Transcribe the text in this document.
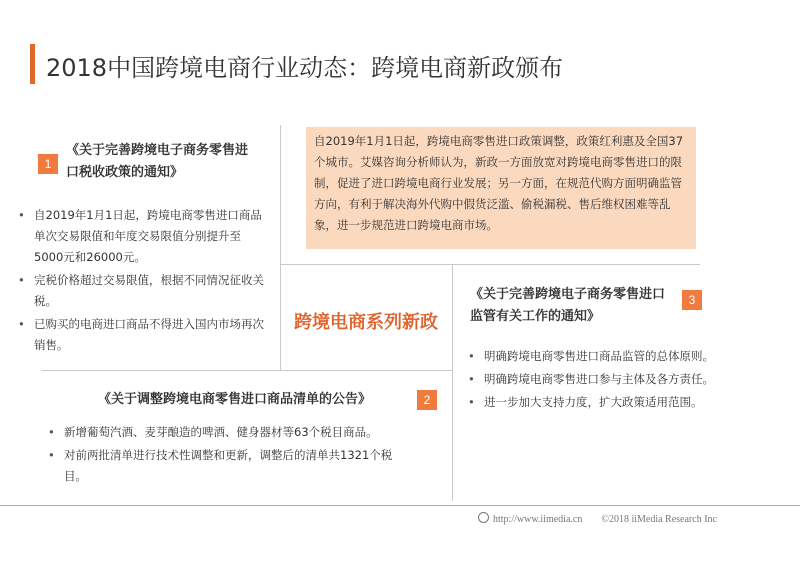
2018中国跨境电商行业动态：跨境电商新政颁布
1
《关于完善跨境电子商务零售进口税收政策的通知》
• 自2019年1月1日起，跨境电商零售进口商品单次交易限值和年度交易限值分别提升至5000元和26000元。
• 完税价格超过交易限值，根据不同情况征收关税。
• 已购买的电商进口商品不得进入国内市场再次销售。
自2019年1月1日起，跨境电商零售进口政策调整，政策红利惠及全国37个城市。艾媒咨询分析师认为，新政一方面放宽对跨境电商零售进口的限制，促进了进口跨境电商行业发展；另一方面，在规范代购方面明确监管方向，有利于解决海外代购中假货泛滥、偷税漏税、售后维权困难等乱象，进一步规范进口跨境电商市场。
跨境电商系列新政
《关于完善跨境电子商务零售进口监管有关工作的通知》
3
• 明确跨境电商零售进口商品监管的总体原则。
• 明确跨境电商零售进口参与主体及各方责任。
• 进一步加大支持力度，扩大政策适用范围。
《关于调整跨境电商零售进口商品清单的公告》	2
• 新增葡萄汽酒、麦芽酿造的啤酒、健身器材等63个税目商品。
• 对前两批清单进行技术性调整和更新，调整后的清单共1321个税目。
http://www.iimedia.cn ©2018 iiMedia Research Inc
